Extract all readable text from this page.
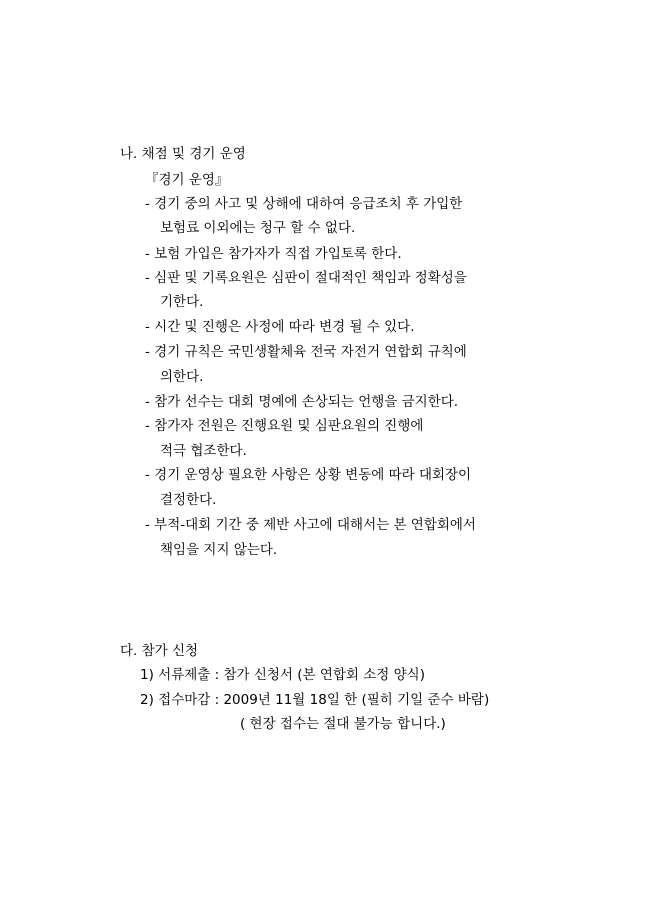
나. 채점 및 경기 운영
『경기 운영』
- 경기 중의 사고 및 상해에 대하여 응급조치 후 가입한
보험료 이외에는 청구 할 수 없다.
- 보험 가입은 참가자가 직접 가입토록 한다.
- 심판 및 기록요원은 심판이 절대적인 책임과 정확성을
기한다.
- 시간 및 진행은 사정에 따라 변경 될 수 있다.
- 경기 규칙은 국민생활체육 전국 자전거 연합회 규칙에
의한다.
- 참가 선수는 대회 명예에 손상되는 언행을 금지한다.
- 참가자 전원은 진행요원 및 심판요원의 진행에
적극 협조한다.
- 경기 운영상 필요한 사항은 상황 변동에 따라 대회장이
결정한다.
- 부적-대회 기간 중 제반 사고에 대해서는 본 연합회에서
책임을 지지 않는다.
다. 참가 신청
1) 서류제출 : 참가 신청서 (본 연합회 소정 양식)
2) 접수마감 : 2009년 11월 18일 한 (필히 기일 준수 바람)
( 현장 접수는 절대 불가능 합니다.)
